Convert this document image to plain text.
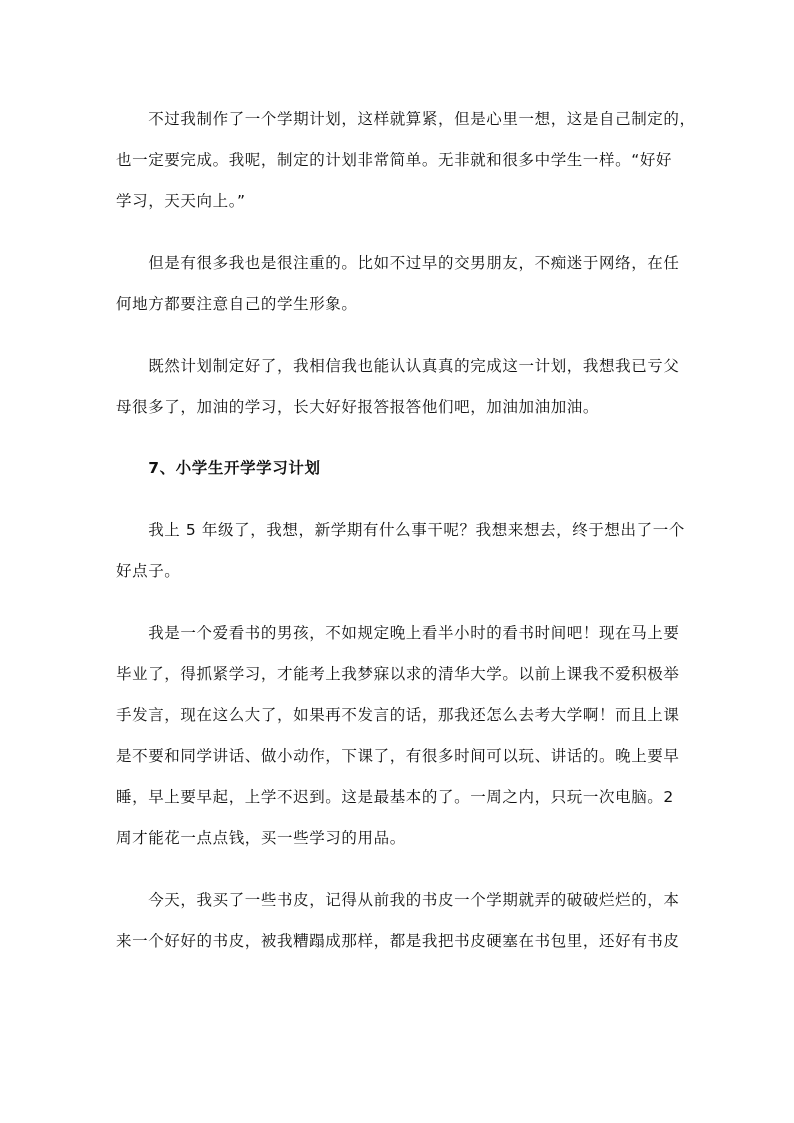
　　不过我制作了一个学期计划，这样就算紧，但是心里一想，这是自己制定的，
也一定要完成。我呢，制定的计划非常简单。无非就和很多中学生一样。“好好
学习，天天向上。”
　　但是有很多我也是很注重的。比如不过早的交男朋友，不痴迷于网络，在任
何地方都要注意自己的学生形象。
　　既然计划制定好了，我相信我也能认认真真的完成这一计划，我想我已亏父
母很多了，加油的学习，长大好好报答报答他们吧，加油加油加油。
　　7、小学生开学学习计划
　　我上 5 年级了，我想，新学期有什么事干呢？我想来想去，终于想出了一个
好点子。
　　我是一个爱看书的男孩，不如规定晚上看半小时的看书时间吧！现在马上要
毕业了，得抓紧学习，才能考上我梦寐以求的清华大学。以前上课我不爱积极举
手发言，现在这么大了，如果再不发言的话，那我还怎么去考大学啊！而且上课
是不要和同学讲话、做小动作，下课了，有很多时间可以玩、讲话的。晚上要早
睡，早上要早起，上学不迟到。这是最基本的了。一周之内，只玩一次电脑。2
周才能花一点点钱，买一些学习的用品。
　　今天，我买了一些书皮，记得从前我的书皮一个学期就弄的破破烂烂的，本
来一个好好的书皮，被我糟蹋成那样，都是我把书皮硬塞在书包里，还好有书皮
